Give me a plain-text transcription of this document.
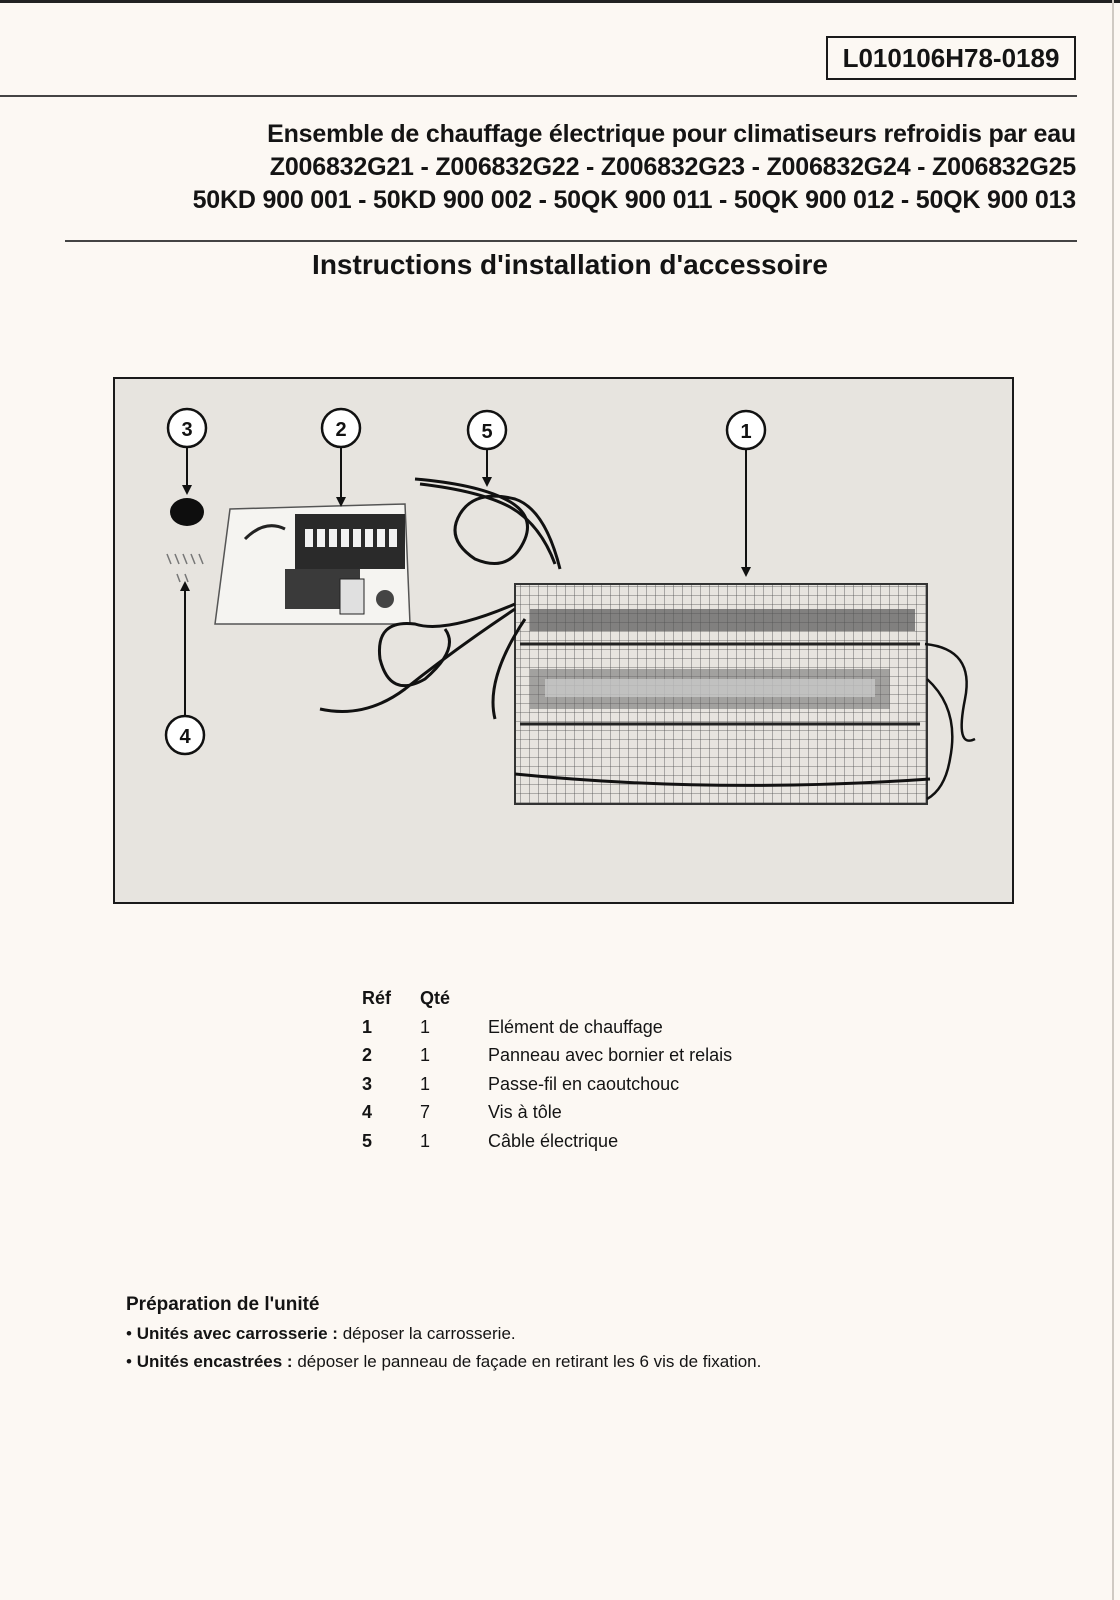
L010106H78-0189
Ensemble de chauffage électrique pour climatiseurs refroidis par eau
Z006832G21 - Z006832G22 - Z006832G23 - Z006832G24 - Z006832G25
50KD 900 001 - 50KD 900 002 - 50QK 900 011 - 50QK 900 012 - 50QK 900 013
Instructions d'installation d'accessoire
3	2	5	1
4
Réf	Qté	
1	1	Elément de chauffage
2	1	Panneau avec bornier et relais
3	1	Passe-fil en caoutchouc
4	7	Vis à tôle
5	1	Câble électrique
Préparation de l'unité
• Unités avec carrosserie : déposer la carrosserie.
• Unités encastrées : déposer le panneau de façade en retirant les 6 vis de fixation.
